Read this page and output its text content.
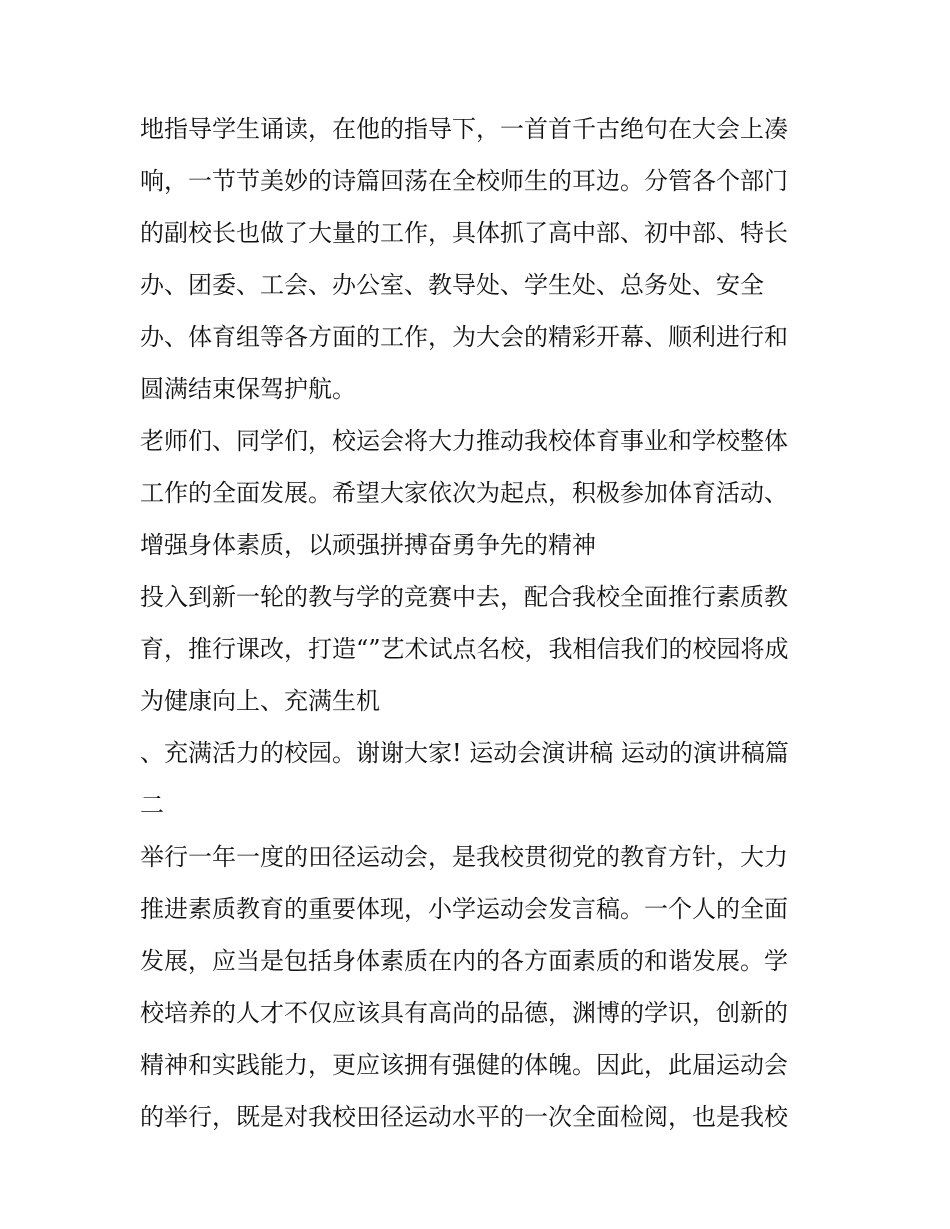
地指导学生诵读，在他的指导下，一首首千古绝句在大会上凑
响，一节节美妙的诗篇回荡在全校师生的耳边。分管各个部门
的副校长也做了大量的工作，具体抓了高中部、初中部、特长
办、团委、工会、办公室、教导处、学生处、总务处、安全
办、体育组等各方面的工作，为大会的精彩开幕、顺利进行和
圆满结束保驾护航。
老师们、同学们，校运会将大力推动我校体育事业和学校整体
工作的全面发展。希望大家依次为起点，积极参加体育活动、
增强身体素质，以顽强拼搏奋勇争先的精神
投入到新一轮的教与学的竞赛中去，配合我校全面推行素质教
育，推行课改，打造“”艺术试点名校，我相信我们的校园将成
为健康向上、充满生机
、充满活力的校园。谢谢大家! 运动会演讲稿 运动的演讲稿篇
二
举行一年一度的田径运动会，是我校贯彻党的教育方针，大力
推进素质教育的重要体现，小学运动会发言稿。一个人的全面
发展，应当是包括身体素质在内的各方面素质的和谐发展。学
校培养的人才不仅应该具有高尚的品德，渊博的学识，创新的
精神和实践能力，更应该拥有强健的体魄。因此，此届运动会
的举行，既是对我校田径运动水平的一次全面检阅，也是我校
